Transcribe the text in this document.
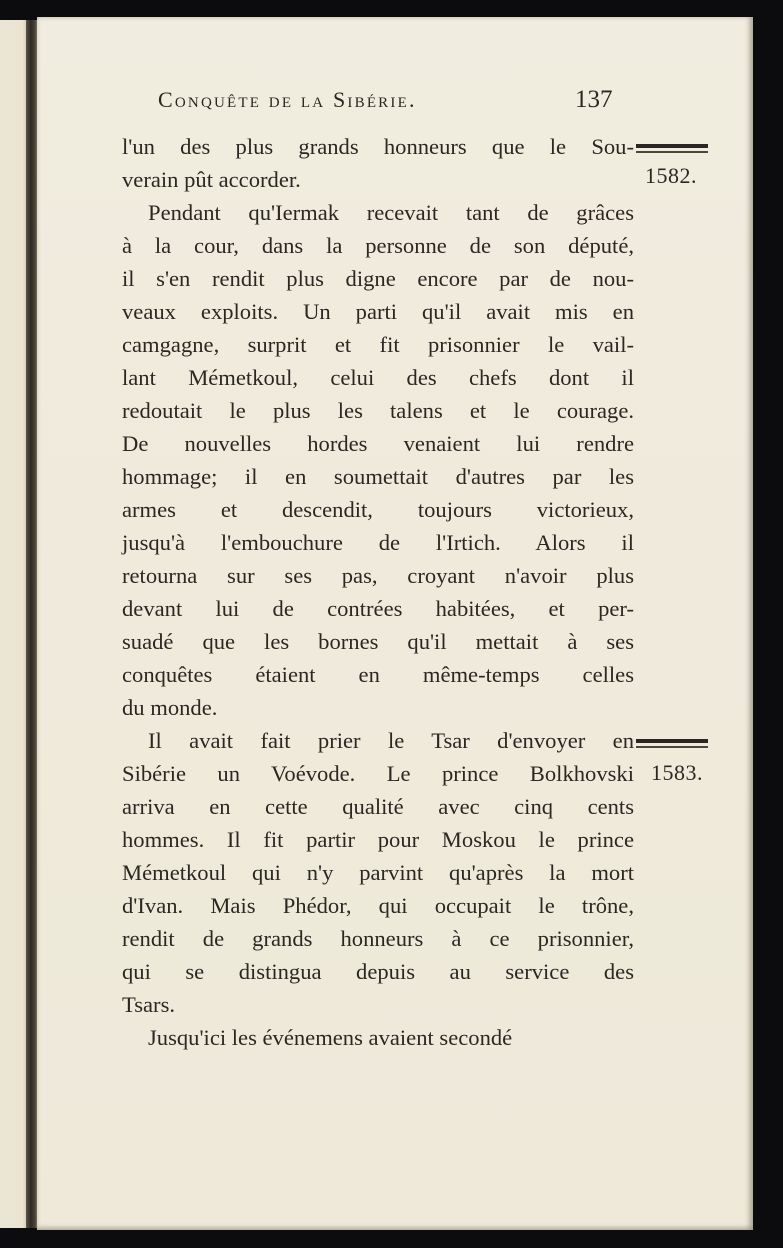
Conquête de la Sibérie.	137
l'un des plus grands honneurs que le Sou-
verain pût accorder.
Pendant qu'Iermak recevait tant de grâces
à la cour, dans la personne de son député,
il s'en rendit plus digne encore par de nou-
veaux exploits. Un parti qu'il avait mis en
camgagne, surprit et fit prisonnier le vail-
lant Mémetkoul, celui des chefs dont il
redoutait le plus les talens et le courage.
De nouvelles hordes venaient lui rendre
hommage; il en soumettait d'autres par les
armes et descendit, toujours victorieux,
jusqu'à l'embouchure de l'Irtich. Alors il
retourna sur ses pas, croyant n'avoir plus
devant lui de contrées habitées, et per-
suadé que les bornes qu'il mettait à ses
conquêtes étaient en même-temps celles
du monde.
Il avait fait prier le Tsar d'envoyer en
Sibérie un Voévode. Le prince Bolkhovski
arriva en cette qualité avec cinq cents
hommes. Il fit partir pour Moskou le prince
Mémetkoul qui n'y parvint qu'après la mort
d'Ivan. Mais Phédor, qui occupait le trône,
rendit de grands honneurs à ce prisonnier,
qui se distingua depuis au service des
Tsars.
Jusqu'ici les événemens avaient secondé
1582.
1583.
